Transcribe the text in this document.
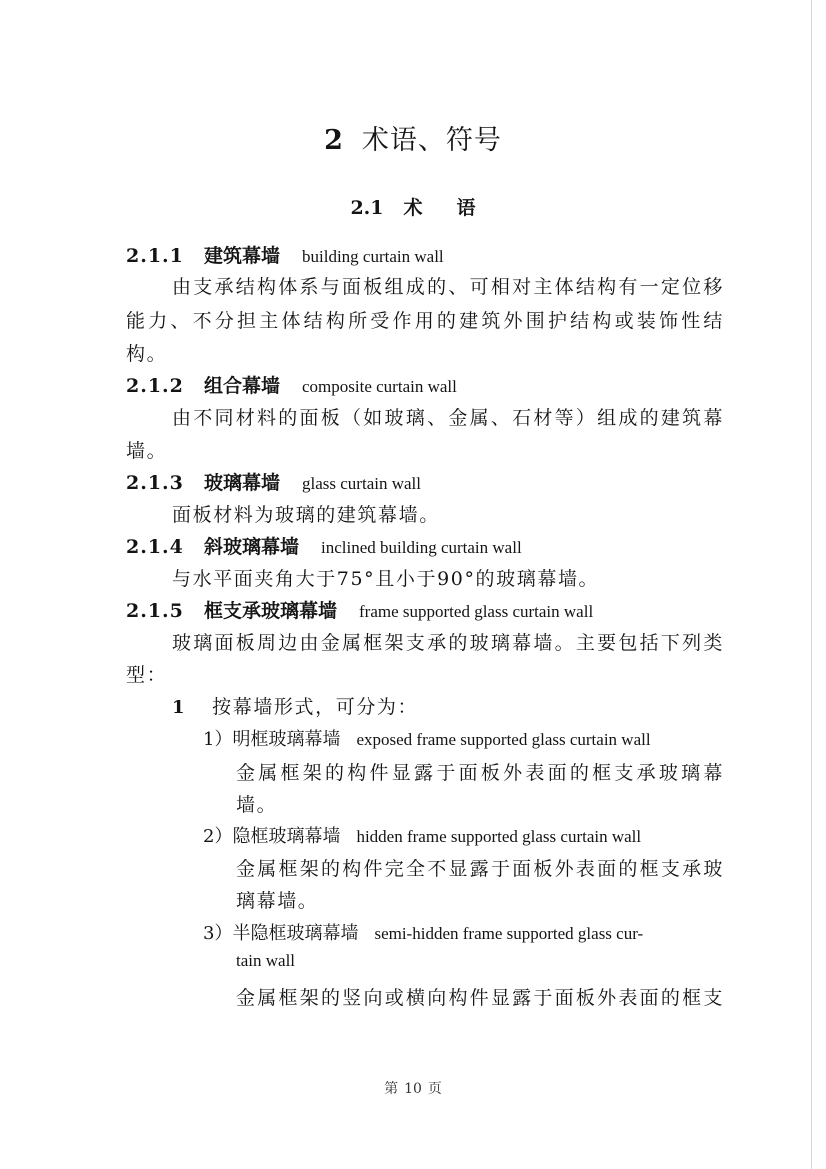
2 术语、符号
2.1 术 语
2.1.1 建筑幕墙 building curtain wall
由支承结构体系与面板组成的、可相对主体结构有一定位移
能力、不分担主体结构所受作用的建筑外围护结构或装饰性结
构。
2.1.2 组合幕墙 composite curtain wall
由不同材料的面板（如玻璃、金属、石材等）组成的建筑幕
墙。
2.1.3 玻璃幕墙 glass curtain wall
面板材料为玻璃的建筑幕墙。
2.1.4 斜玻璃幕墙 inclined building curtain wall
与水平面夹角大于75°且小于90°的玻璃幕墙。
2.1.5 框支承玻璃幕墙 frame supported glass curtain wall
玻璃面板周边由金属框架支承的玻璃幕墙。主要包括下列类
型：
1 按幕墙形式，可分为：
1）明框玻璃幕墙 exposed frame supported glass curtain wall
金属框架的构件显露于面板外表面的框支承玻璃幕
墙。
2）隐框玻璃幕墙 hidden frame supported glass curtain wall
金属框架的构件完全不显露于面板外表面的框支承玻
璃幕墙。
3）半隐框玻璃幕墙 semi-hidden frame supported glass cur-
tain wall
金属框架的竖向或横向构件显露于面板外表面的框支
第 10 页
